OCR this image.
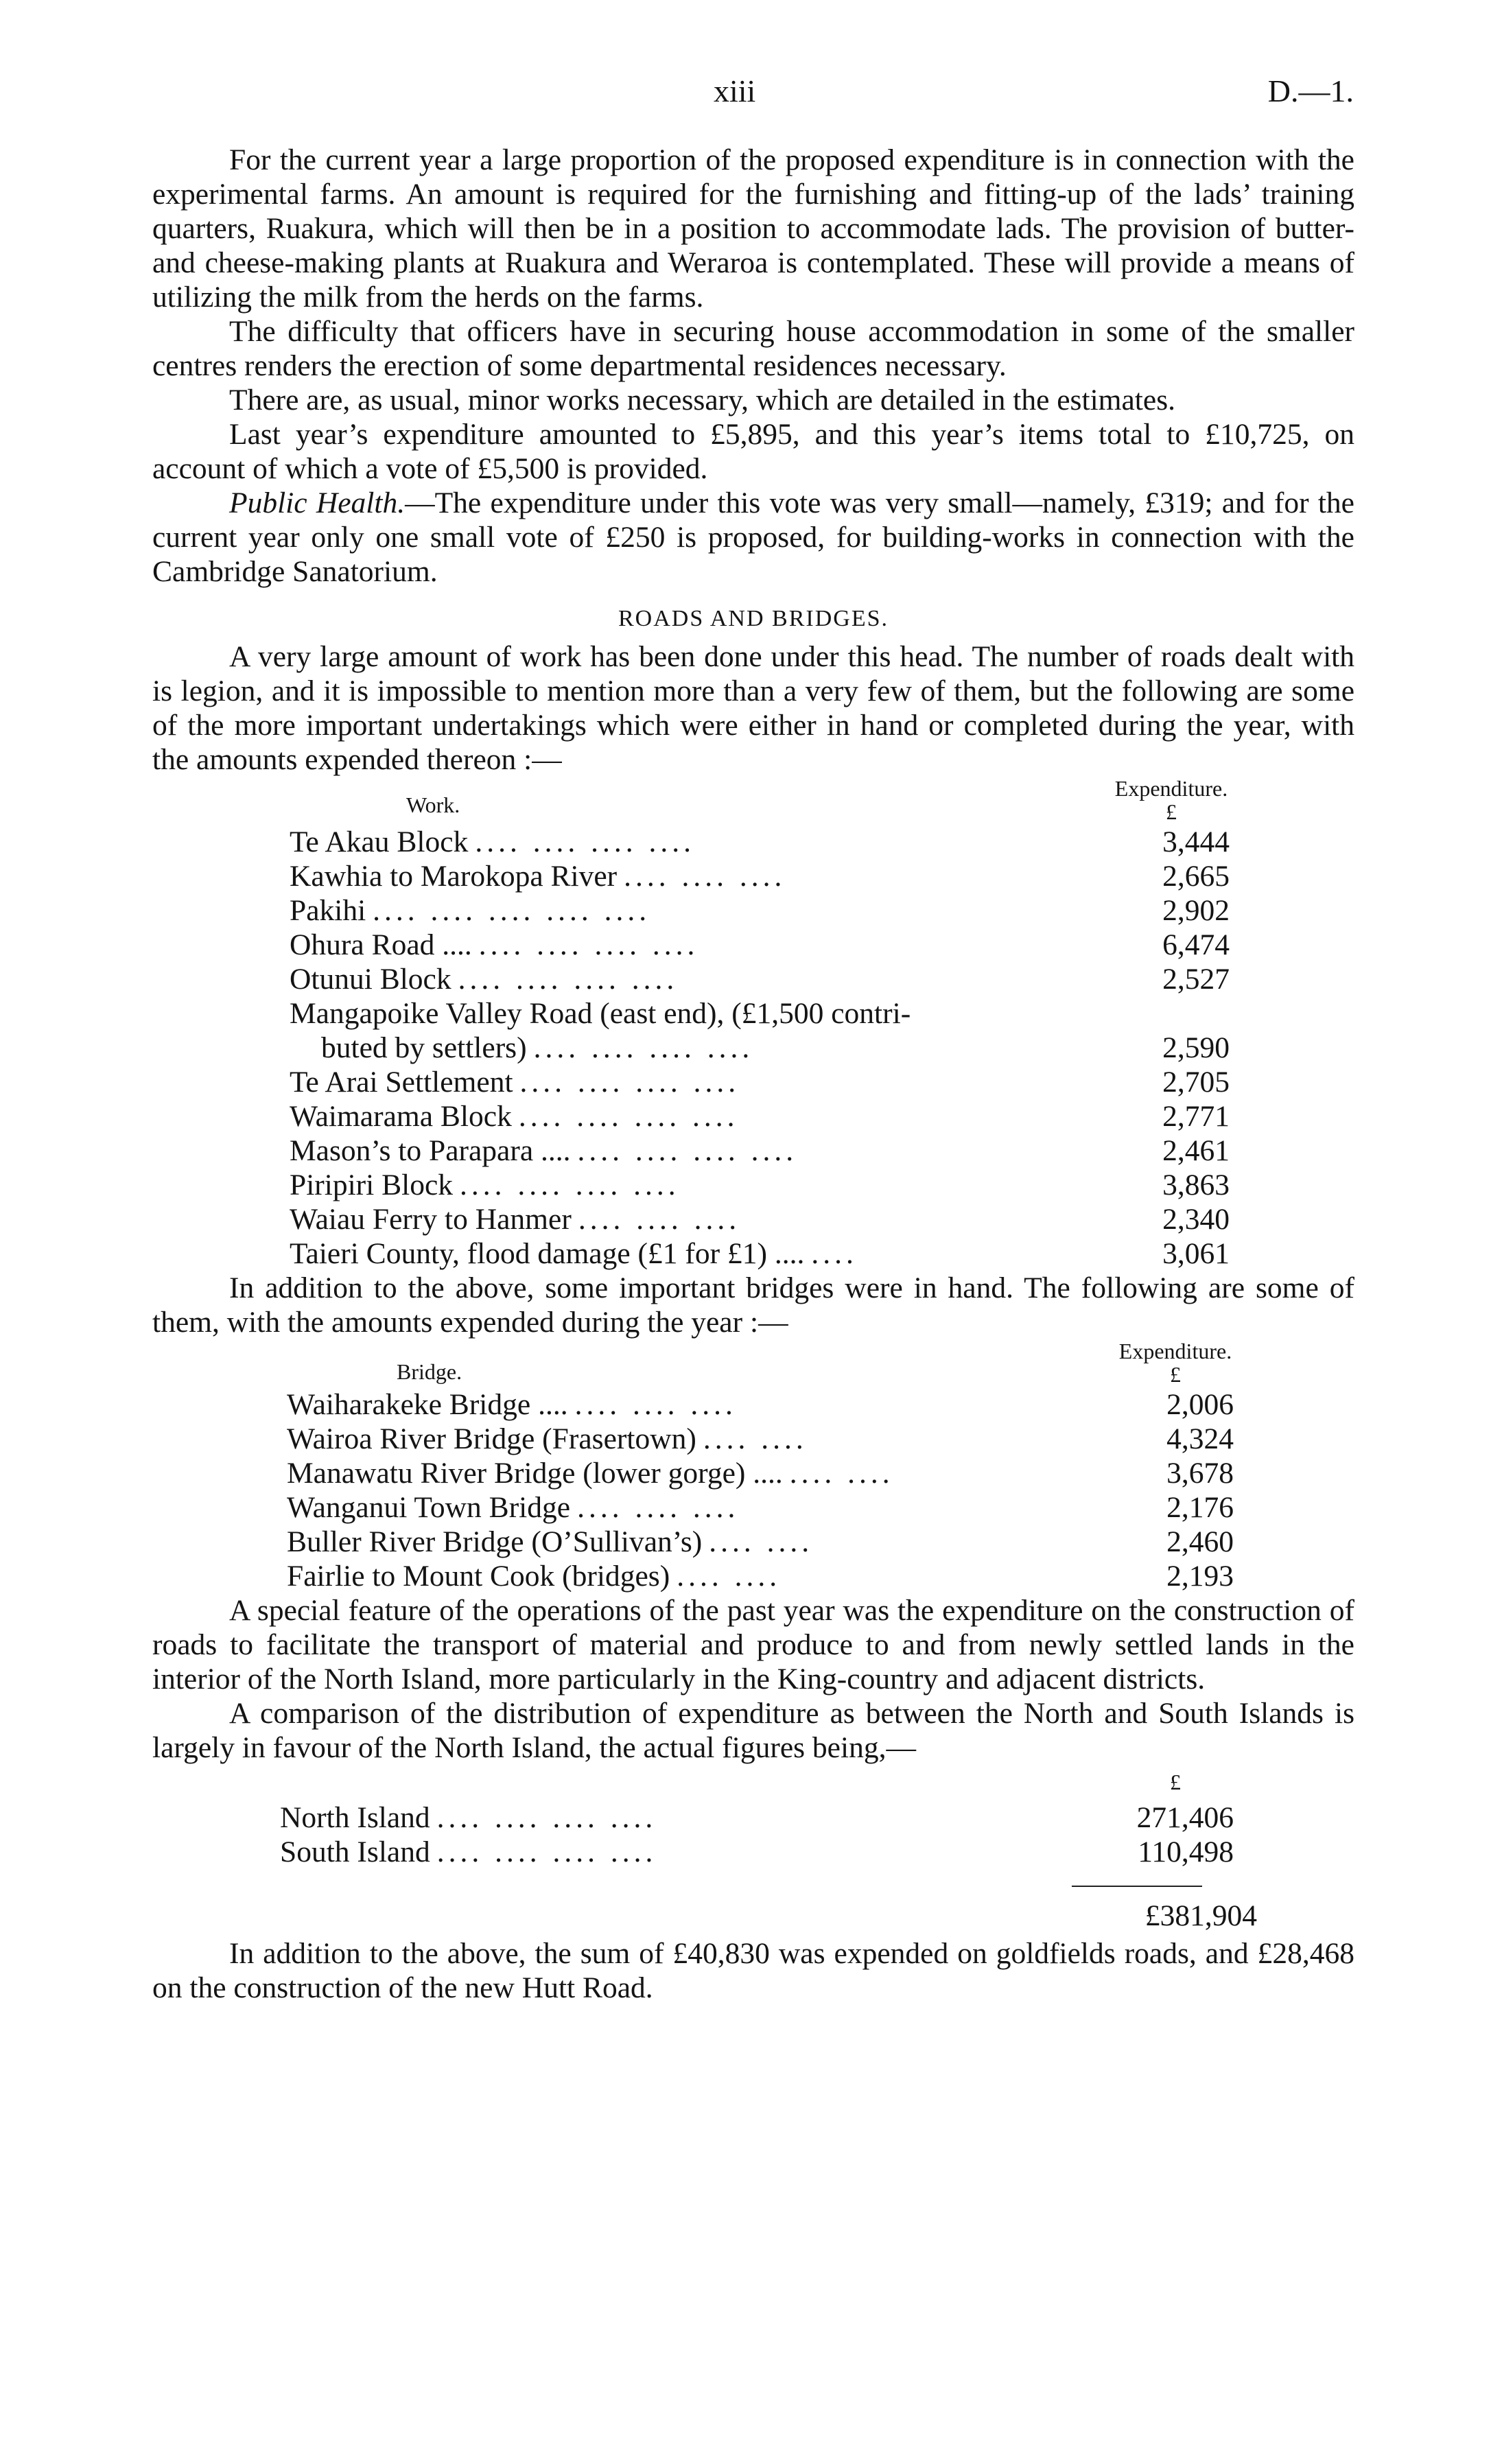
xiii	D.—1.

For the current year a large proportion of the proposed expenditure is in connection with the experimental farms. An amount is required for the furnishing and fitting-up of the lads’ training quarters, Ruakura, which will then be in a position to accommodate lads. The provision of butter- and cheese-making plants at Ruakura and Weraroa is contemplated. These will provide a means of utilizing the milk from the herds on the farms.

The difficulty that officers have in securing house accommodation in some of the smaller centres renders the erection of some departmental residences necessary.

There are, as usual, minor works necessary, which are detailed in the estimates.

Last year’s expenditure amounted to £5,895, and this year’s items total to £10,725, on account of which a vote of £5,500 is provided.

Public Health.—The expenditure under this vote was very small—namely, £319; and for the current year only one small vote of £250 is proposed, for building-works in connection with the Cambridge Sanatorium.

ROADS AND BRIDGES.

A very large amount of work has been done under this head. The number of roads dealt with is legion, and it is impossible to mention more than a very few of them, but the following are some of the more important undertakings which were either in hand or completed during the year, with the amounts expended thereon :—

Work.
Expenditure.
£
Te Akau Block .... .... .... ....	3,444
Kawhia to Marokopa River .... .... ....	2,665
Pakihi .... .... .... .... ....	2,902
Ohura Road .... .... .... .... ....	6,474
Otunui Block .... .... .... ....	2,527
Mangapoike Valley Road (east end), (£1,500 contri-
buted by settlers) .... .... .... ....	2,590
Te Arai Settlement .... .... .... ....	2,705
Waimarama Block .... .... .... ....	2,771
Mason’s to Parapara .... .... .... .... ....	2,461
Piripiri Block .... .... .... ....	3,863
Waiau Ferry to Hanmer .... .... ....	2,340
Taieri County, flood damage (£1 for £1) .... ....	3,061

In addition to the above, some important bridges were in hand. The following are some of them, with the amounts expended during the year :—

Bridge.
Expenditure.
£
Waiharakeke Bridge .... .... .... ....	2,006
Wairoa River Bridge (Frasertown) .... ....	4,324
Manawatu River Bridge (lower gorge) .... .... ....	3,678
Wanganui Town Bridge .... .... ....	2,176
Buller River Bridge (O’Sullivan’s) .... ....	2,460
Fairlie to Mount Cook (bridges) .... ....	2,193

A special feature of the operations of the past year was the expenditure on the construction of roads to facilitate the transport of material and produce to and from newly settled lands in the interior of the North Island, more particularly in the King-country and adjacent districts.

A comparison of the distribution of expenditure as between the North and South Islands is largely in favour of the North Island, the actual figures being,—

£
North Island .... .... .... ....	271,406
South Island .... .... .... ....	110,498
£381,904

In addition to the above, the sum of £40,830 was expended on goldfields roads, and £28,468 on the construction of the new Hutt Road.
